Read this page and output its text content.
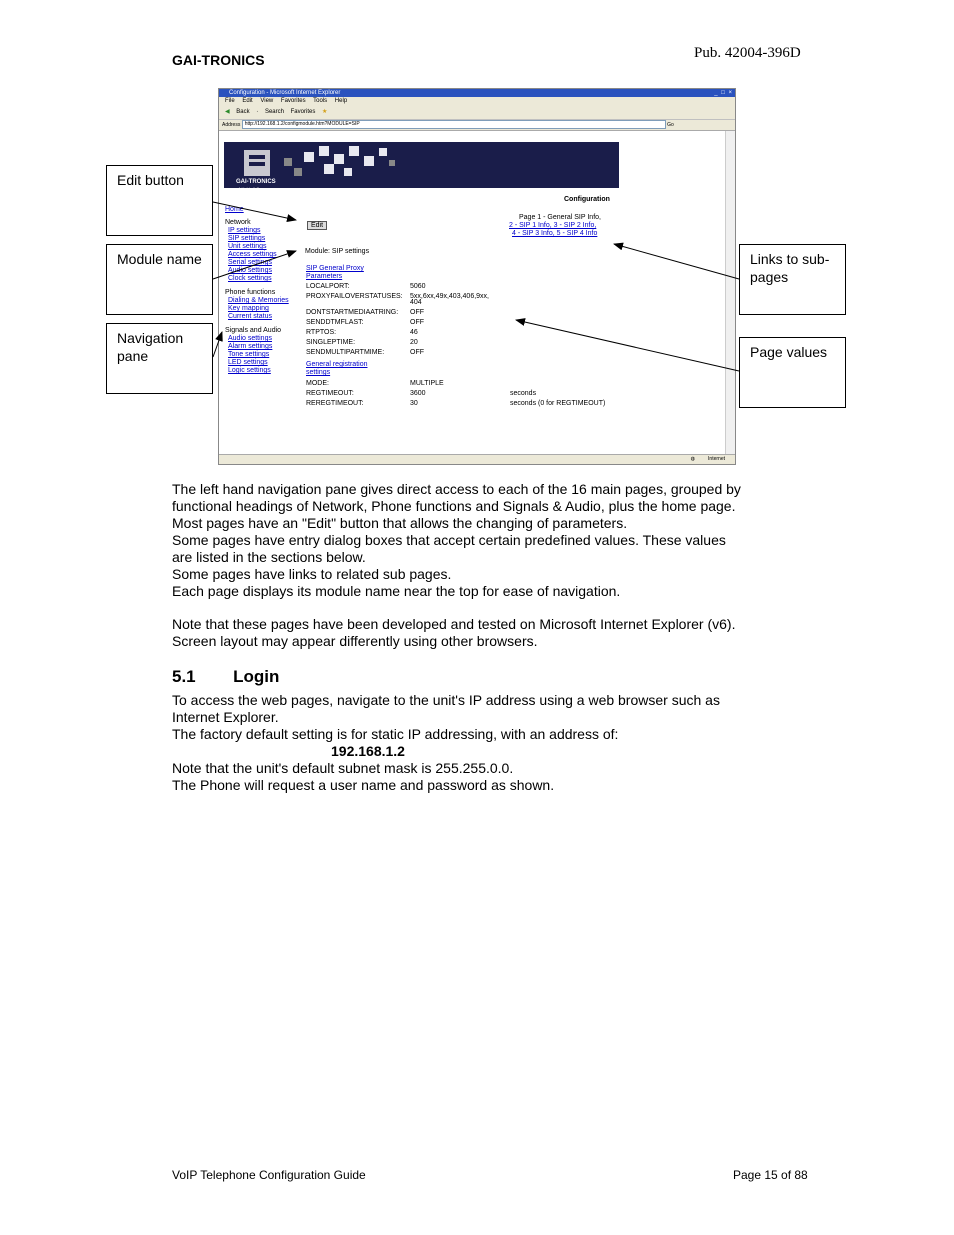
GAI-TRONICS	Pub. 42004-396D
Edit button
Module name
Navigation pane
Links to sub-pages
Page values
Configuration - Microsoft Internet Explorer	_ □ ×
File Edit View Favorites Tools Help
◀ Back · Search Favorites ★
Address http://192.168.1.2/configmodule.htm?MODULE=SIP	Go
GAI-TRONICS
A Hubbell Company
Configuration
Home
Edit
Page 1 - General SIP Info,
2 - SIP 1 Info, 3 - SIP 2 Info,
4 - SIP 3 Info, 5 - SIP 4 Info
Module: SIP settings
Network
IP settings
SIP settings
Unit settings
Access settings
Serial settings
Audio settings
Clock settings
Phone functions
Dialing & Memories
Key mapping
Current status
Signals and Audio
Audio settings
Alarm settings
Tone settings
LED settings
Logic settings
SIP General Proxy Parameters
LOCALPORT:	5060
PROXYFAILOVERSTATUSES: 5xx,6xx,49x,403,406,9xx,
404
DONTSTARTMEDIAATRING: OFF
SENDDTMFLAST:	OFF
RTPTOS:	46
SINGLEPTIME:	20
SENDMULTIPARTMIME:	OFF
General registration settings
MODE:	MULTIPLE
REGTIMEOUT:	3600	seconds
REREGTIMEOUT:	30	seconds (0 for REGTIMEOUT)
◍	Internet
The left hand navigation pane gives direct access to each of the 16 main pages, grouped by
functional headings of Network, Phone functions and Signals & Audio, plus the home page.
Most pages have an "Edit" button that allows the changing of parameters.
Some pages have entry dialog boxes that accept certain predefined values. These values
are listed in the sections below.
Some pages have links to related sub pages.
Each page displays its module name near the top for ease of navigation.
Note that these pages have been developed and tested on Microsoft Internet Explorer (v6).
Screen layout may appear differently using other browsers.
5.1 Login
To access the web pages, navigate to the unit's IP address using a web browser such as
Internet Explorer.
The factory default setting is for static IP addressing, with an address of:
192.168.1.2
Note that the unit's default subnet mask is 255.255.0.0.
The Phone will request a user name and password as shown.
VoIP Telephone Configuration Guide	Page 15 of 88
